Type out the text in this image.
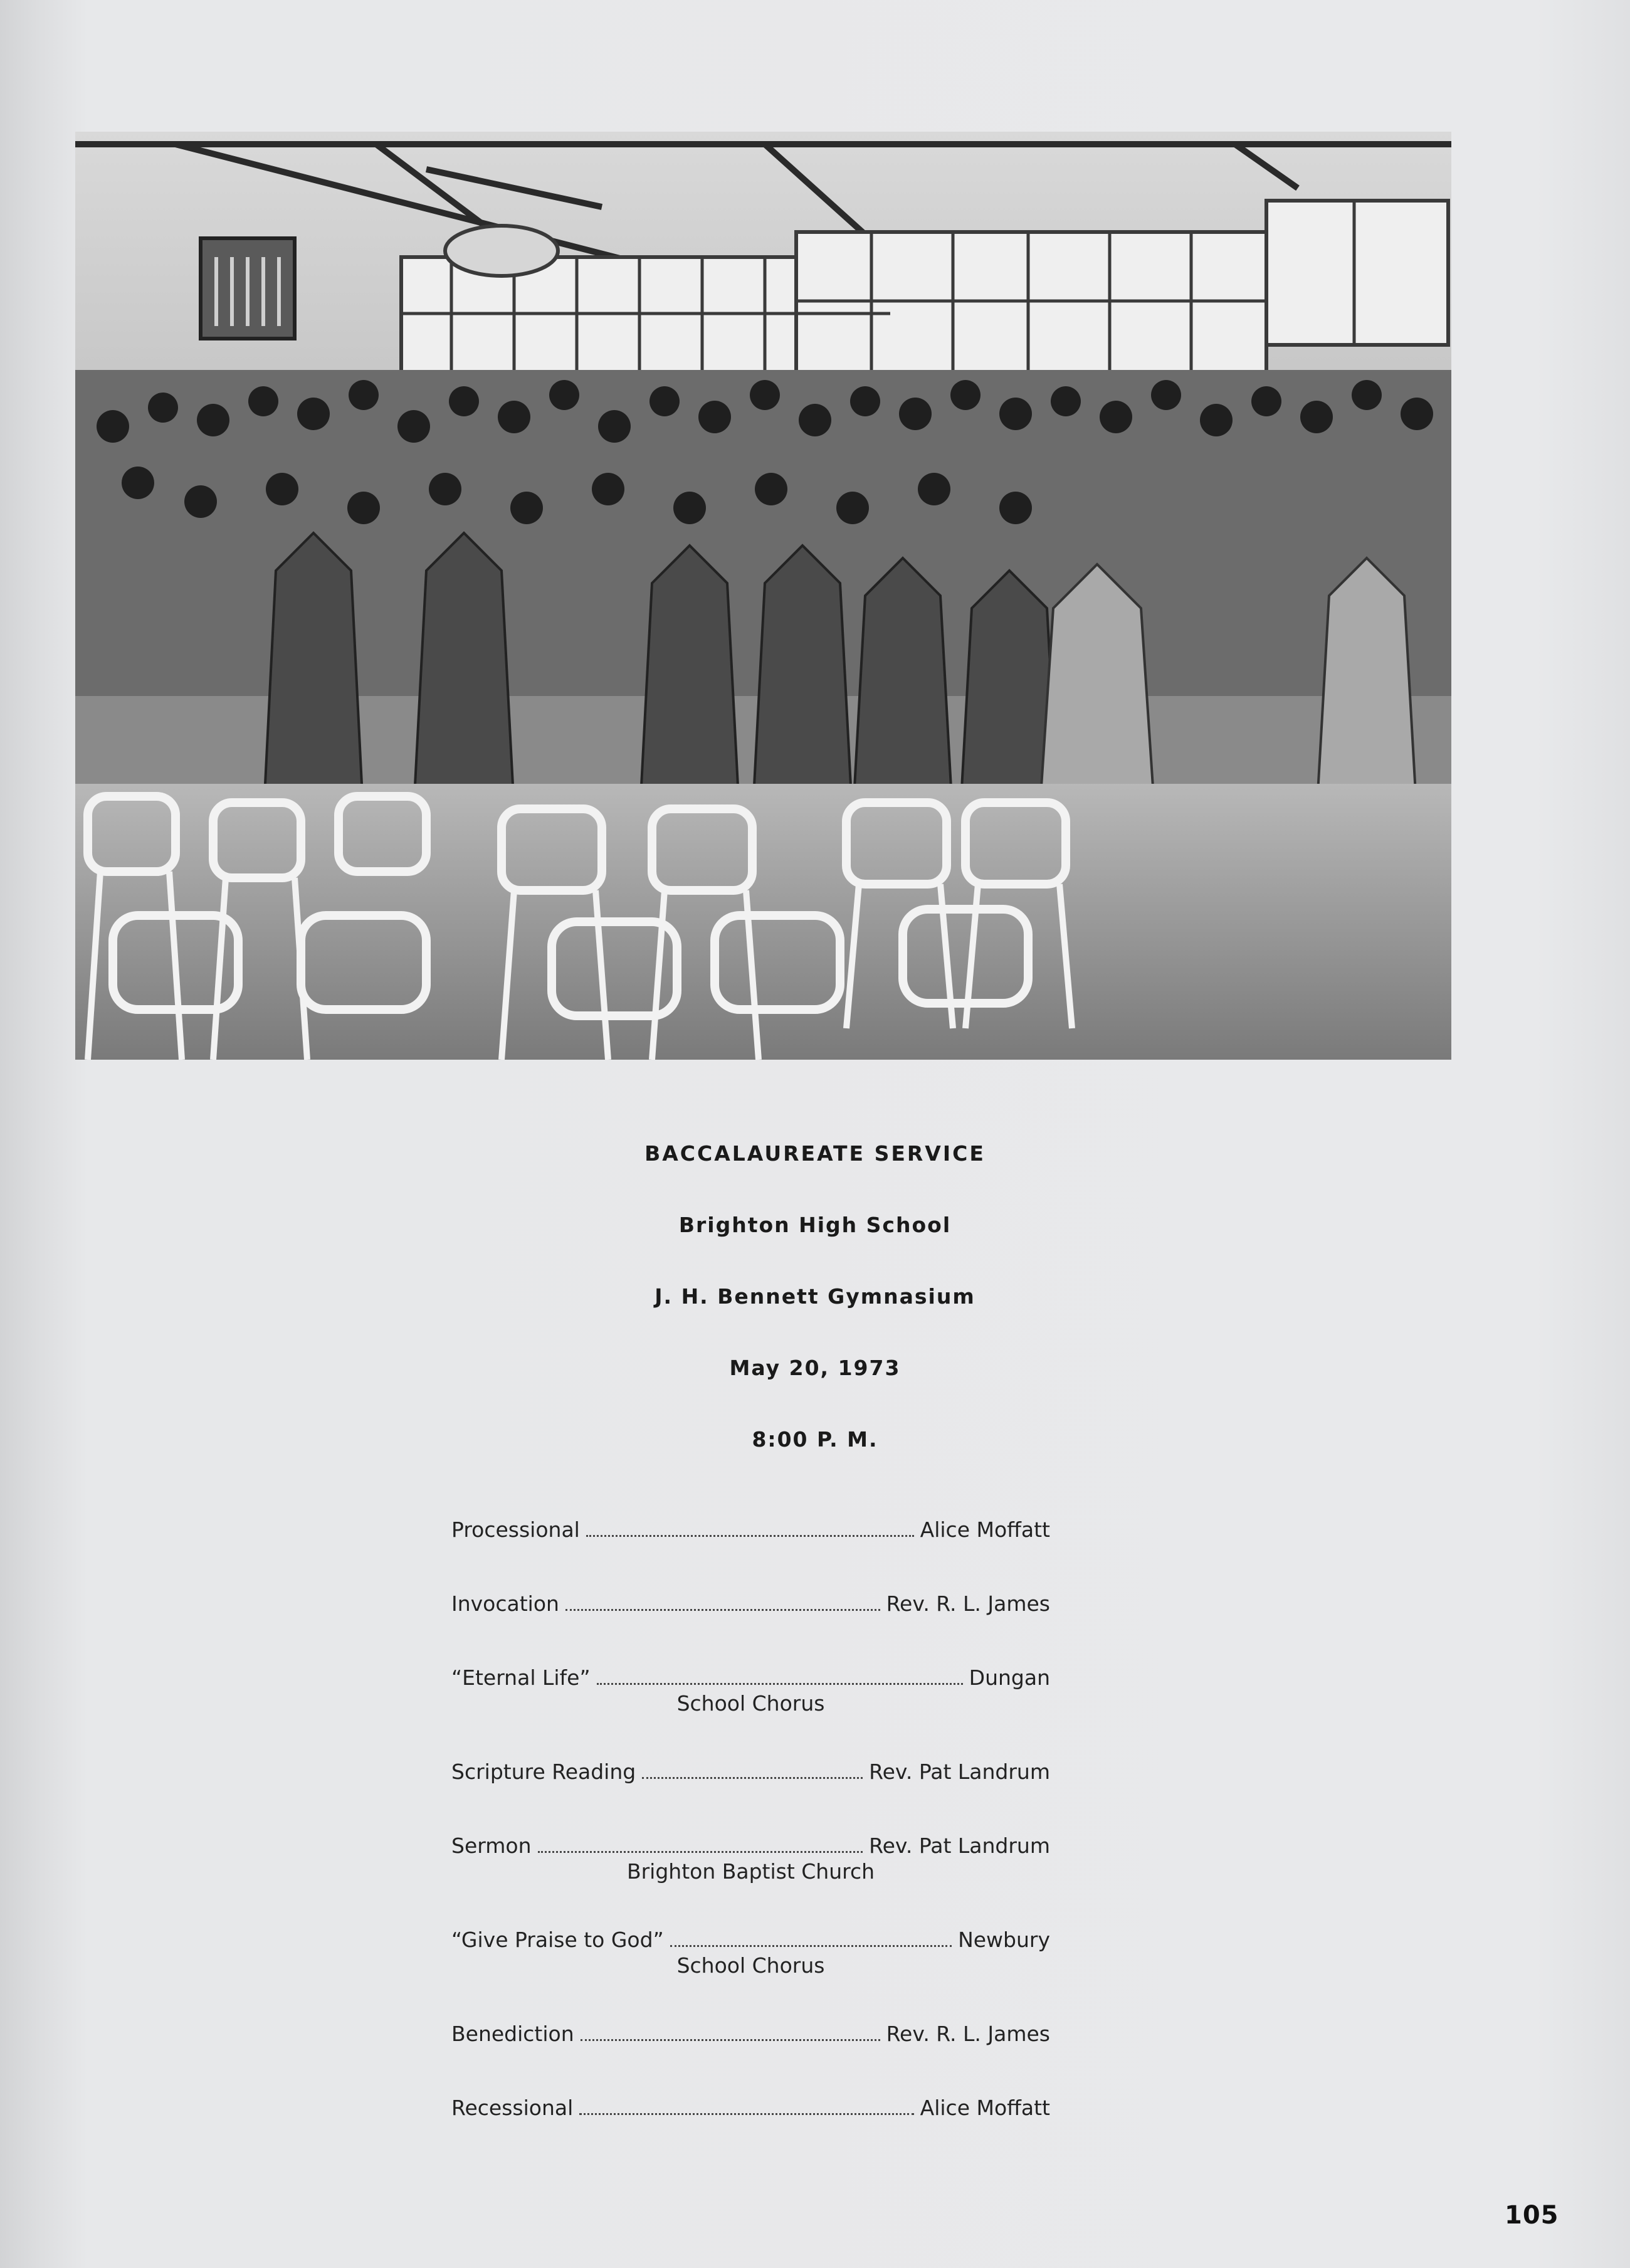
BACCALAUREATE SERVICE
Brighton High School
J. H. Bennett Gymnasium
May 20, 1973
8:00 P. M.
Processional	Alice Moffatt
Invocation	Rev. R. L. James
“Eternal Life”	Dungan
School Chorus
Scripture Reading	Rev. Pat Landrum
Sermon	Rev. Pat Landrum
Brighton Baptist Church
“Give Praise to God”	Newbury
School Chorus
Benediction	Rev. R. L. James
Recessional	Alice Moffatt
105
